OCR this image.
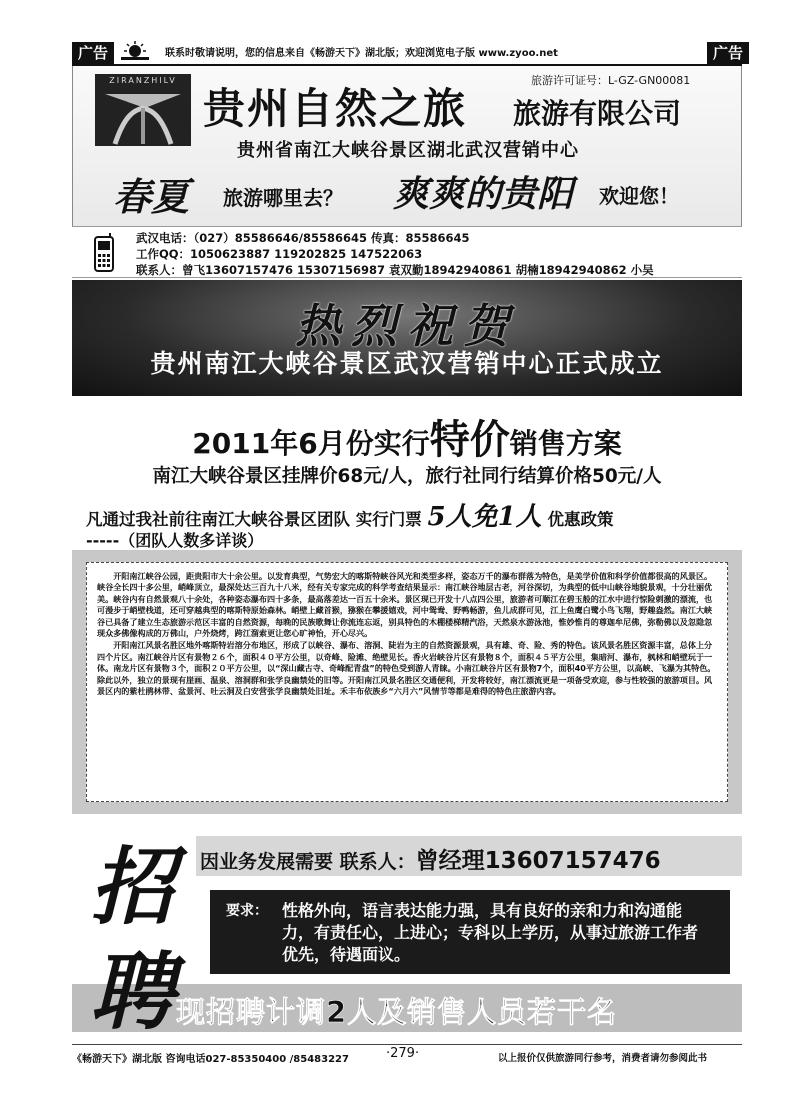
广告	联系时敬请说明，您的信息来自《畅游天下》湖北版；欢迎浏览电子版 www.zyoo.net	广告
ZIRANZHILV
贵州自然之旅
旅游许可证号：L-GZ-GN00081
旅游有限公司
贵州省南江大峡谷景区湖北武汉营销中心
春夏 旅游哪里去？ 爽爽的贵阳 欢迎您！
武汉电话：（027）85586646/85586645 传真：85586645
工作QQ：1050623887 119202825 147522063
联系人：曾飞13607157476 15307156987 袁双勤18942940861 胡楠18942940862 小吴
热烈祝贺
贵州南江大峡谷景区武汉营销中心正式成立
2011年6月份实行特价销售方案
南江大峡谷景区挂牌价68元/人，旅行社同行结算价格50元/人
凡通过我社前往南江大峡谷景区团队 实行门票 5人免1人 优惠政策
-----（团队人数多详谈）

开阳南江峡谷公园，距贵阳市大十余公里。以发育典型，气势宏大的喀斯特峡谷风光和类型多样，姿态万千的瀑布群落为特色，是美学价值和科学价值都很高的风景区。峡谷全长四十多公里，峭峰顶立，最深处达三百九十八米，经有关专家完成的科学考查结果显示：南江峡谷地层古老，河谷深切，为典型的低中山峡谷地貌景观，十分壮丽优美。峡谷内有自然景观八十余处，各种姿态瀑布四十多条，最高落差达一百五十余米。景区现已开发十八点四公里，旅游者可顺江在碧玉般的江水中进行惊险刺激的漂流，也可漫步于峭壁栈道，还可穿越典型的喀斯特原始森林。峭壁上藏首猴，猕猴在攀援嬉戏，河中鸳鸯、野鸭畅游，鱼儿成群可见，江上鱼鹰白鹭小鸟飞翔，野趣盎然。南江大峡谷已具备了建立生态旅游示范区丰富的自然资源，每晚的民族歌舞让你流连忘返，别具特色的木棚楼梯精汽浴，天然泉水游泳池，惟妙惟肖的尊迦牟尼佛，弥勒佛以及忽隐忽现众多佛像构成的万佛山，户外烧烤，跨江溜索更让您心旷神怡，开心尽兴。

开阳南江风景名胜区地外喀斯特岩溶分布地区，形成了以峡谷、瀑布、溶洞、陡岩为主的自然资源景观，具有雄、奇、险、秀的特色。该风景名胜区资源丰富，总体上分四个片区。南江峡谷片区有景物２６个，面积４０平方公里，以奇峰、险滩、绝壁见长。香火岩峡谷片区有景物８个，面积４５平方公里，集暗河、瀑布，枫林和峭壁玩于一体。南龙片区有景物３个，面积２０平方公里，以“深山藏古寺、奇峰配青盘”的特色受到游人青睐。小南江峡谷片区有景物7个，面积40平方公里，以高峡、飞瀑为其特色。除此以外，独立的景现有崖画、温泉、溶洞群和张学良幽禁处的旧等。开阳南江风景名胜区交通便利，开发将较好，南江漂流更是一项备受欢迎，参与性较强的旅游项目。风景区内的紫杜鹃林带、盆景河、吐云洞及白安营张学良幽禁处旧址。禾丰布依族乡“六月六”风情节等都是难得的特色庄旅游内容。

因业务发展需要 联系人：曾经理13607157476
要求： 性格外向，语言表达能力强，具有良好的亲和力和沟通能力，有责任心，上进心；专科以上学历，从事过旅游工作者优先，待遇面议。
招
聘 现招聘计调2人及销售人员若干名
《畅游天下》湖北版 咨询电话027-85350400 /85483227	·279·	以上报价仅供旅游同行参考，消费者请勿参阅此书
